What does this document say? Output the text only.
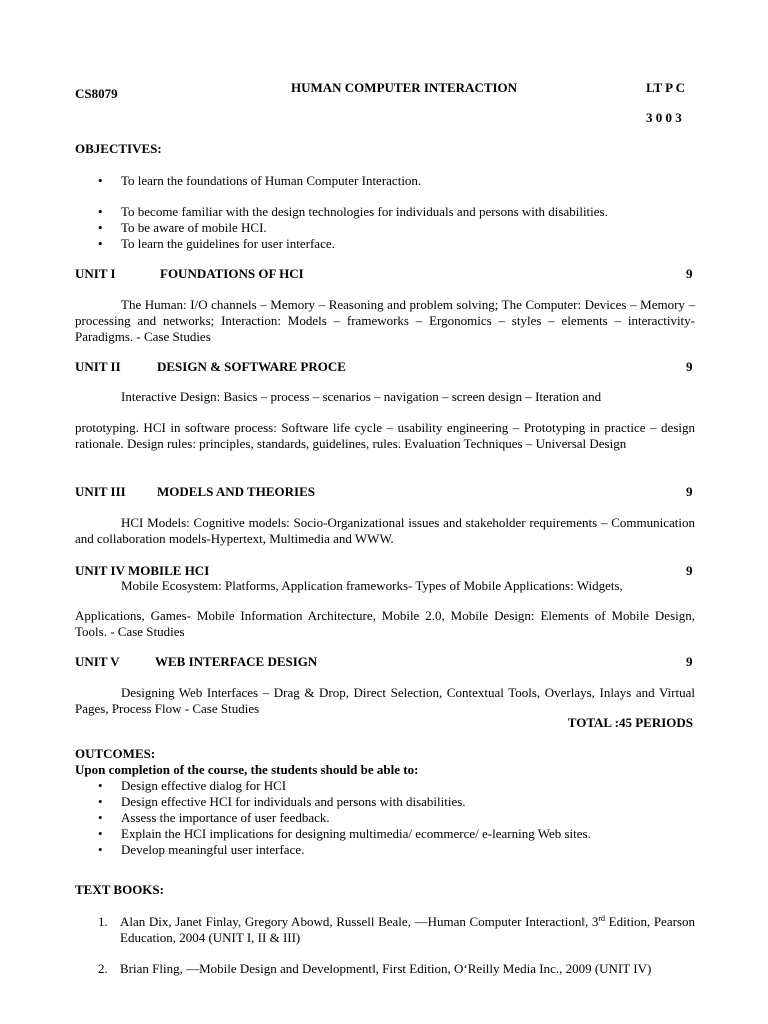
CS8079	HUMAN COMPUTER INTERACTION	LT P C
3 0 0 3
OBJECTIVES:
• To learn the foundations of Human Computer Interaction.
• To become familiar with the design technologies for individuals and persons with disabilities.
• To be aware of mobile HCI.
• To learn the guidelines for user interface.
UNIT I	FOUNDATIONS OF HCI	9
The Human: I/O channels – Memory – Reasoning and problem solving; The Computer: Devices – Memory – processing and networks; Interaction: Models – frameworks – Ergonomics – styles – elements – interactivity- Paradigms. - Case Studies
UNIT II	DESIGN & SOFTWARE PROCE	9
Interactive Design: Basics – process – scenarios – navigation – screen design – Iteration and
prototyping. HCI in software process: Software life cycle – usability engineering – Prototyping in practice – design rationale. Design rules: principles, standards, guidelines, rules. Evaluation Techniques – Universal Design
UNIT III MODELS AND THEORIES	9
HCI Models: Cognitive models: Socio-Organizational issues and stakeholder requirements – Communication and collaboration models-Hypertext, Multimedia and WWW.
UNIT IV MOBILE HCI	9
Mobile Ecosystem: Platforms, Application frameworks- Types of Mobile Applications: Widgets,
Applications, Games- Mobile Information Architecture, Mobile 2.0, Mobile Design: Elements of Mobile Design, Tools. - Case Studies
UNIT V	WEB INTERFACE DESIGN	9
Designing Web Interfaces – Drag & Drop, Direct Selection, Contextual Tools, Overlays, Inlays and Virtual Pages, Process Flow - Case Studies
TOTAL :45 PERIODS
OUTCOMES:
Upon completion of the course, the students should be able to:
• Design effective dialog for HCI
• Design effective HCI for individuals and persons with disabilities.
• Assess the importance of user feedback.
• Explain the HCI implications for designing multimedia/ ecommerce/ e-learning Web sites.
• Develop meaningful user interface.
TEXT BOOKS:
1. Alan Dix, Janet Finlay, Gregory Abowd, Russell Beale, ―Human Computer Interaction‖, 3rd Edition, Pearson Education, 2004 (UNIT I, II & III)
2. Brian Fling, ―Mobile Design and Development‖, First Edition, O‘Reilly Media Inc., 2009 (UNIT IV)
